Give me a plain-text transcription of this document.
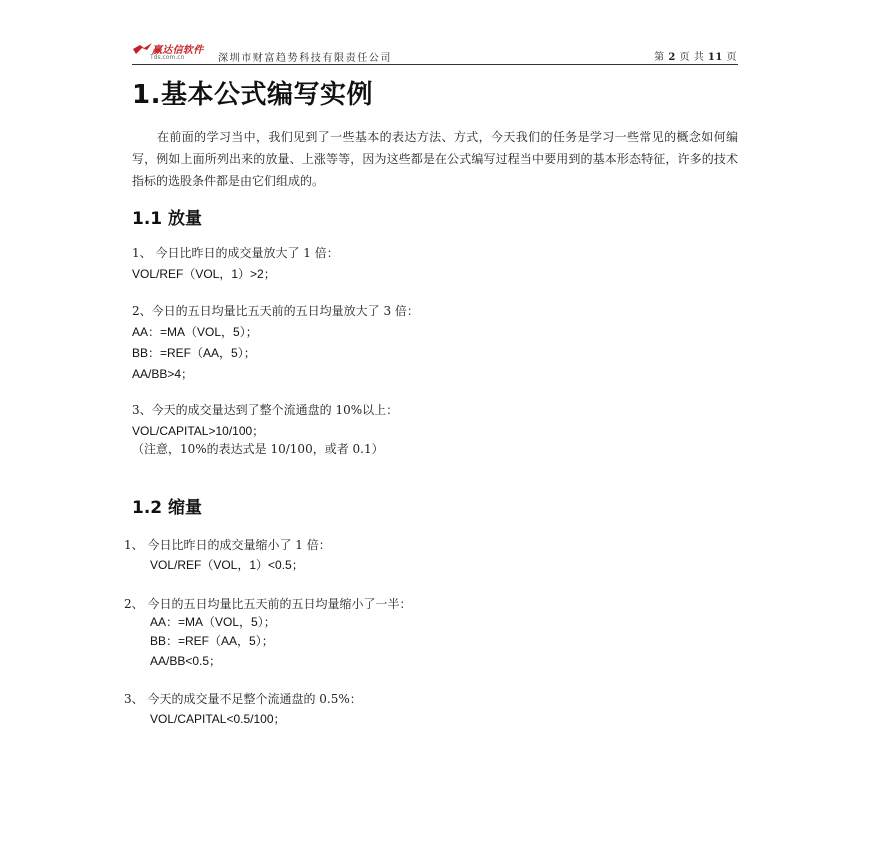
赢达信软件
Tds.com.cn	深圳市财富趋势科技有限责任公司	第 2 页 共 11 页
1.基本公式编写实例
在前面的学习当中，我们见到了一些基本的表达方法、方式，今天我们的任务是学习一些常见的概念如何编写，例如上面所列出来的放量、上涨等等，因为这些都是在公式编写过程当中要用到的基本形态特征，许多的技术指标的选股条件都是由它们组成的。
1.1 放量
1、 今日比昨日的成交量放大了 1 倍：
VOL/REF（VOL，1）>2；
2、今日的五日均量比五天前的五日均量放大了 3 倍：
AA：=MA（VOL，5）；
BB：=REF（AA，5）；
AA/BB>4；
3、今天的成交量达到了整个流通盘的 10%以上：
VOL/CAPITAL>10/100；
（注意，10%的表达式是 10/100，或者 0.1）
1.2 缩量
1、 今日比昨日的成交量缩小了 1 倍：
VOL/REF（VOL，1）<0.5；
2、 今日的五日均量比五天前的五日均量缩小了一半：
AA：=MA（VOL，5）；
BB：=REF（AA，5）；
AA/BB<0.5；
3、 今天的成交量不足整个流通盘的 0.5%：
VOL/CAPITAL<0.5/100；
